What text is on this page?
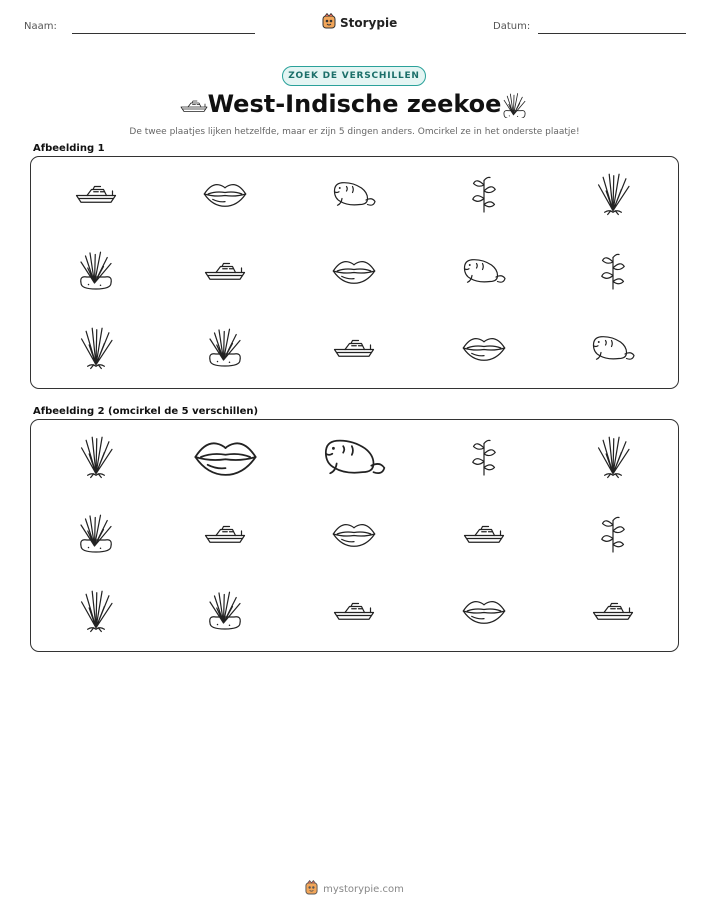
Naam:	Storypie	Datum:
ZOEK DE VERSCHILLEN
West-Indische zeekoe
De twee plaatjes lijken hetzelfde, maar er zijn 5 dingen anders. Omcirkel ze in het onderste plaatje!
Afbeelding 1
Afbeelding 2 (omcirkel de 5 verschillen)
mystorypie.com
